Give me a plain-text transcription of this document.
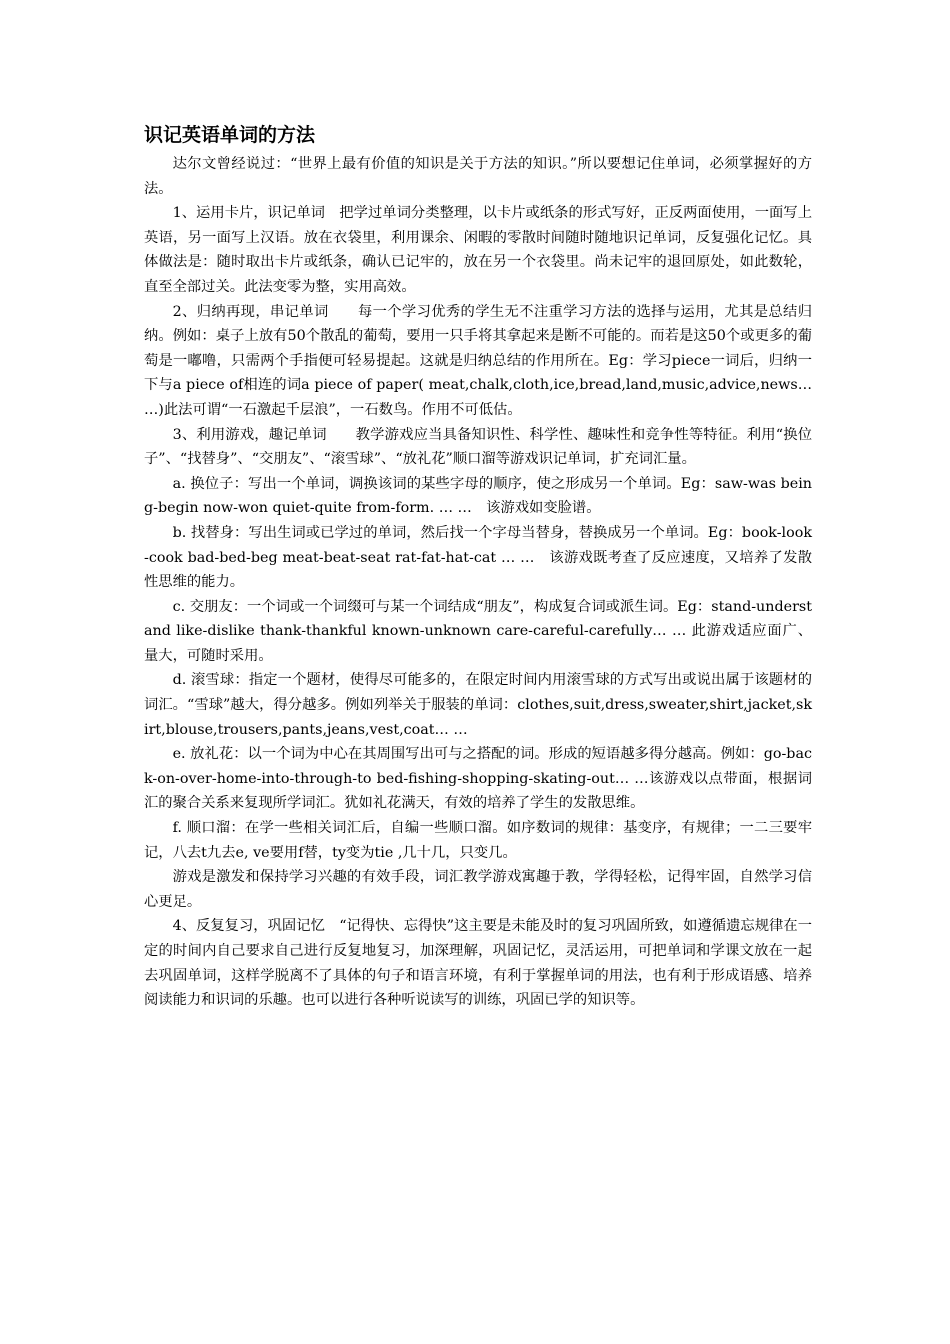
识记英语单词的方法

达尔文曾经说过：“世界上最有价值的知识是关于方法的知识。”所以要想记住单词，必须掌握好的方法。

1、运用卡片，识记单词　把学过单词分类整理，以卡片或纸条的形式写好，正反两面使用，一面写上英语，另一面写上汉语。放在衣袋里，利用课余、闲暇的零散时间随时随地识记单词，反复强化记忆。具体做法是：随时取出卡片或纸条，确认已记牢的，放在另一个衣袋里。尚未记牢的退回原处，如此数轮，直至全部过关。此法变零为整，实用高效。

2、归纳再现，串记单词　　每一个学习优秀的学生无不注重学习方法的选择与运用，尤其是总结归纳。例如：桌子上放有50个散乱的葡萄，要用一只手将其拿起来是断不可能的。而若是这50个或更多的葡萄是一嘟噜，只需两个手指便可轻易提起。这就是归纳总结的作用所在。Eg：学习piece一词后，归纳一下与a piece of相连的词a piece of paper( meat,chalk,cloth,ice,bread,land,music,advice,news… …)此法可谓“一石激起千层浪”，一石数鸟。作用不可低估。

3、利用游戏，趣记单词　　教学游戏应当具备知识性、科学性、趣味性和竞争性等特征。利用“换位子”、“找替身”、“交朋友”、“滚雪球”、“放礼花”顺口溜等游戏识记单词，扩充词汇量。

a. 换位子：写出一个单词，调换该词的某些字母的顺序，使之形成另一个单词。Eg：saw-was being-begin now-won quiet-quite from-form. … …　该游戏如变脸谱。

b. 找替身：写出生词或已学过的单词，然后找一个字母当替身，替换成另一个单词。Eg：book-look-cook bad-bed-beg meat-beat-seat rat-fat-hat-cat … …　该游戏既考查了反应速度，又培养了发散性思维的能力。

c. 交朋友：一个词或一个词缀可与某一个词结成“朋友”，构成复合词或派生词。Eg：stand-understand like-dislike thank-thankful known-unknown care-careful-carefully… … 此游戏适应面广、量大，可随时采用。

d. 滚雪球：指定一个题材，使得尽可能多的，在限定时间内用滚雪球的方式写出或说出属于该题材的词汇。“雪球”越大，得分越多。例如列举关于服装的单词：clothes,suit,dress,sweater,shirt,jacket,skirt,blouse,trousers,pants,jeans,vest,coat… …

e. 放礼花：以一个词为中心在其周围写出可与之搭配的词。形成的短语越多得分越高。例如：go-back-on-over-home-into-through-to bed-fishing-shopping-skating-out… …该游戏以点带面，根据词汇的聚合关系来复现所学词汇。犹如礼花满天，有效的培养了学生的发散思维。

f. 顺口溜：在学一些相关词汇后，自编一些顺口溜。如序数词的规律：基变序，有规律；一二三要牢记，八去t九去e, ve要用f替，ty变为tie ,几十几，只变几。

游戏是激发和保持学习兴趣的有效手段，词汇教学游戏寓趣于教，学得轻松，记得牢固，自然学习信心更足。

4、反复复习，巩固记忆　“记得快、忘得快”这主要是未能及时的复习巩固所致，如遵循遗忘规律在一定的时间内自己要求自己进行反复地复习，加深理解，巩固记忆，灵活运用，可把单词和学课文放在一起去巩固单词，这样学脱离不了具体的句子和语言环境，有利于掌握单词的用法，也有利于形成语感、培养阅读能力和识词的乐趣。也可以进行各种听说读写的训练，巩固已学的知识等。
